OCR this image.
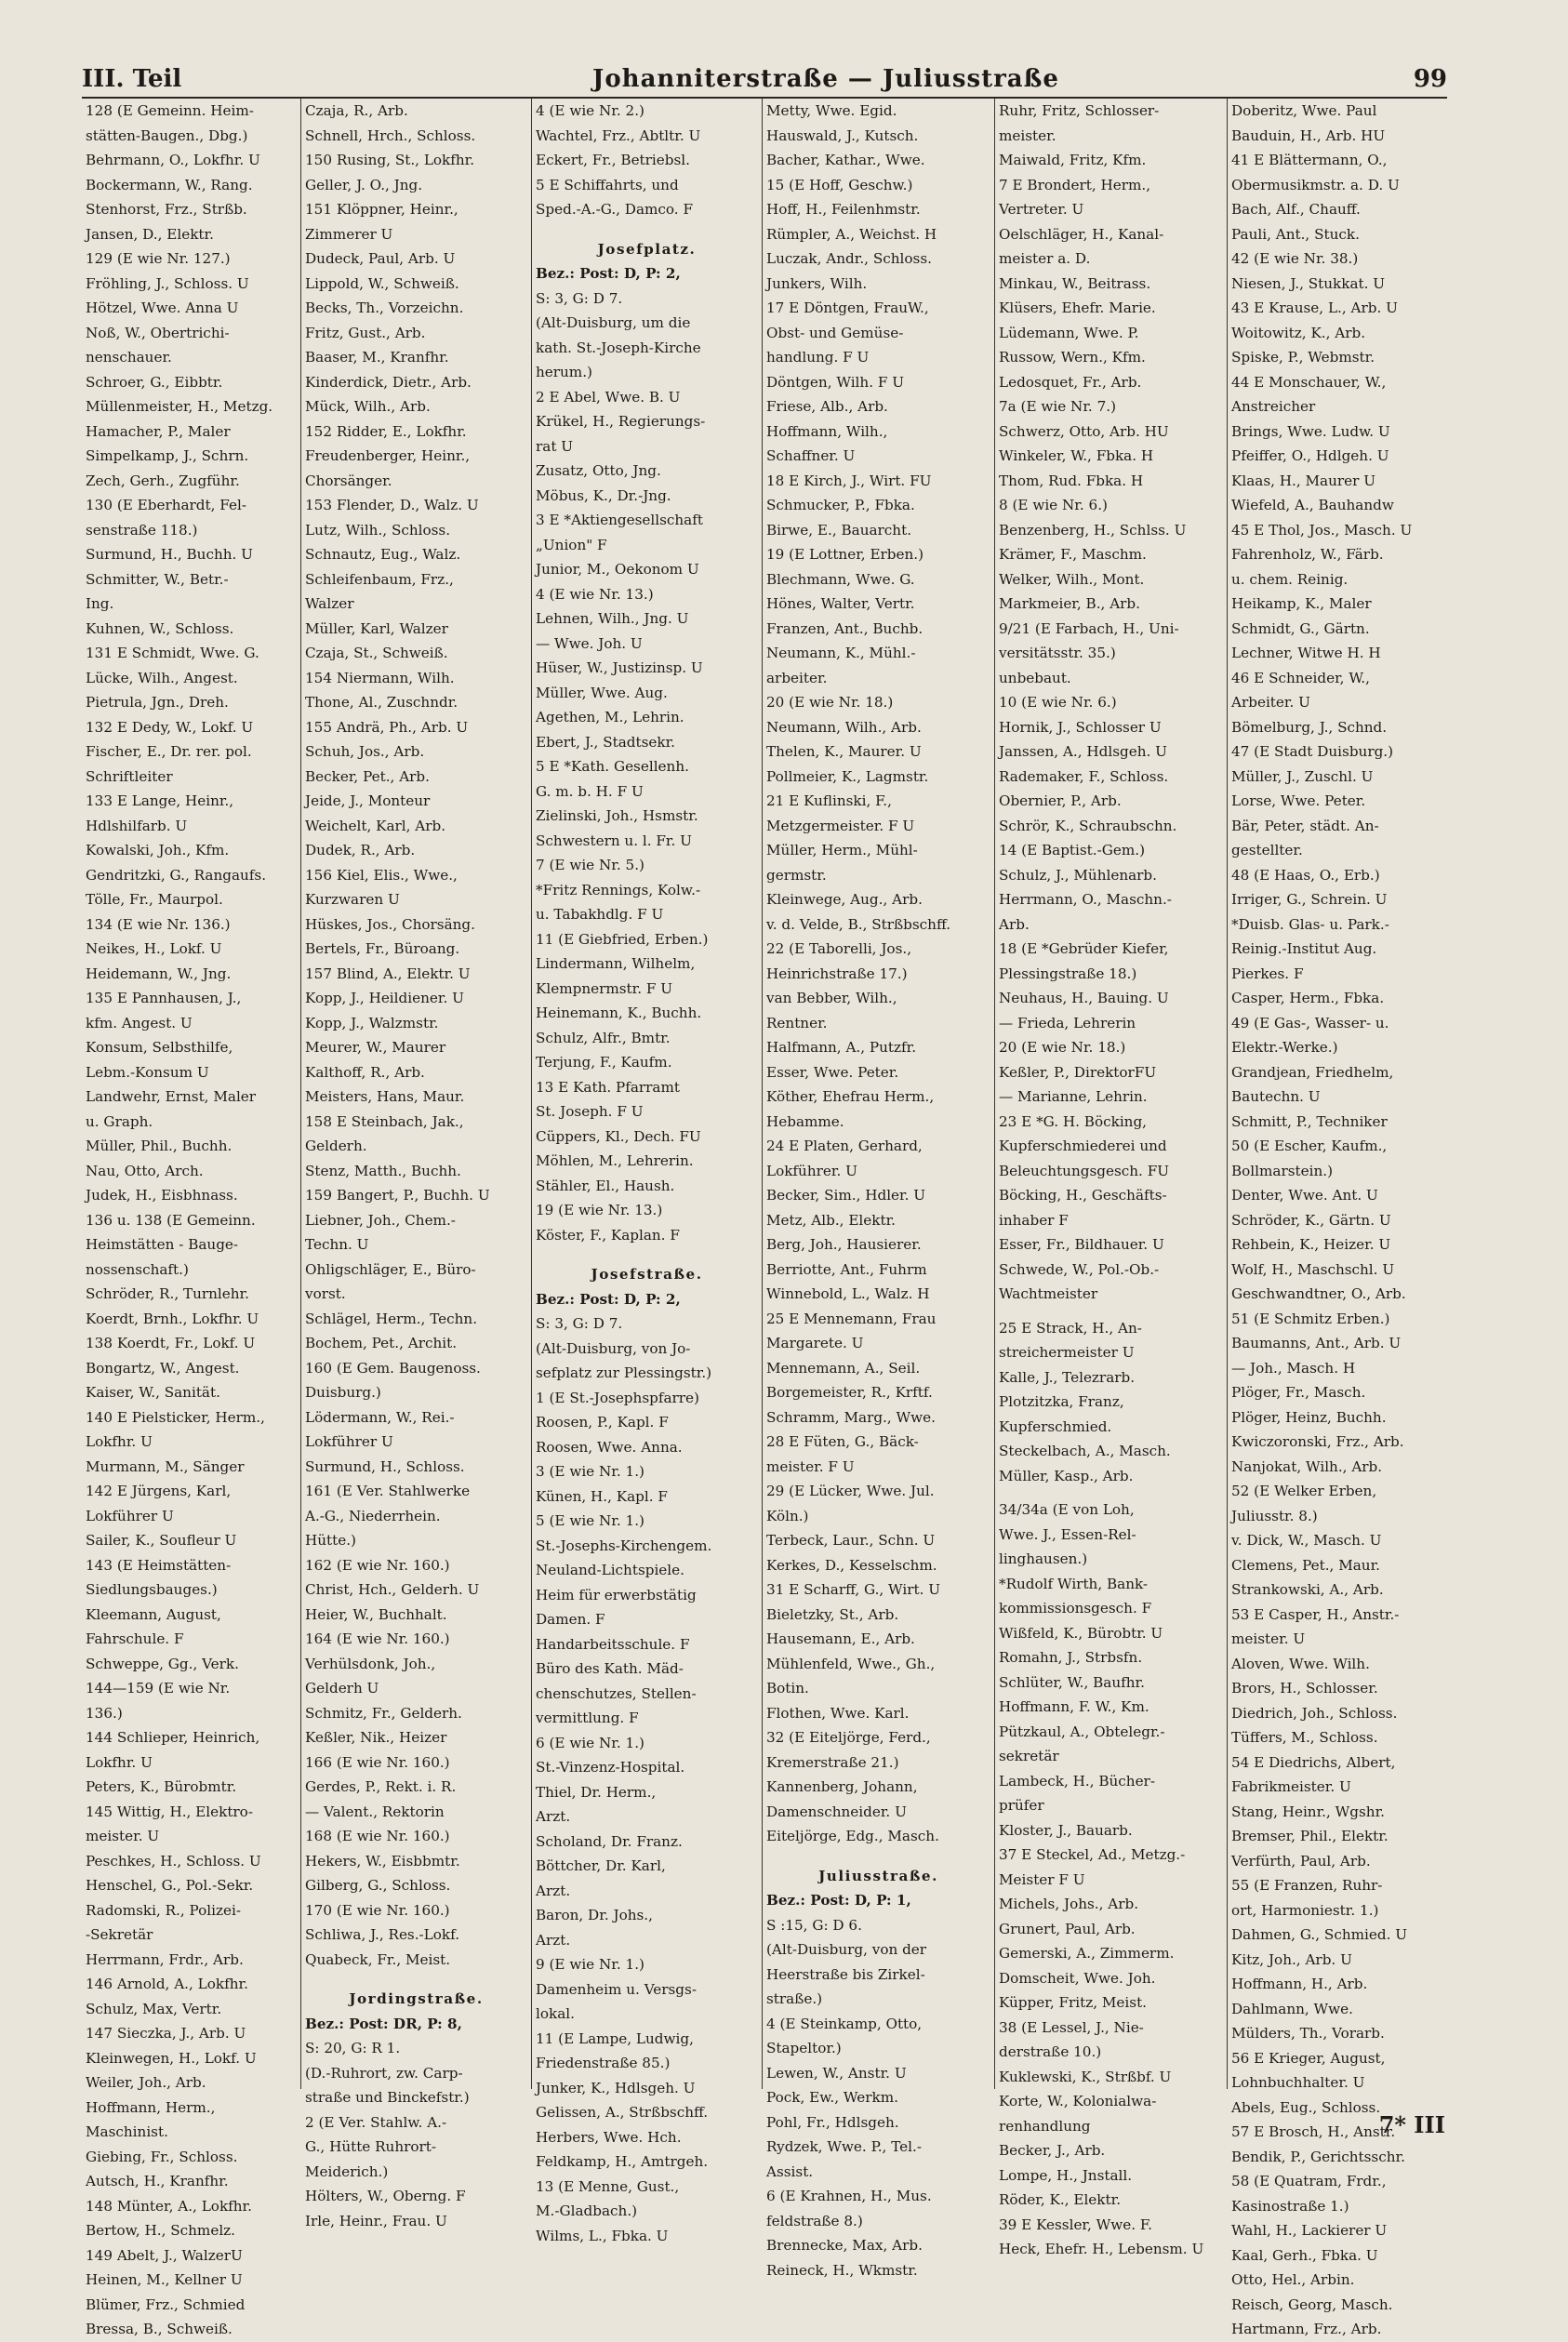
III. Teil	Johanniterstraße — Juliusstraße	99
128 (E Gemeinn. Heim-
stätten-Baugen., Dbg.)
Behrmann, O., Lokfhr. U
Bockermann, W., Rang.
Stenhorst, Frz., Strßb.
Jansen, D., Elektr.
129 (E wie Nr. 127.)
Fröhling, J., Schloss. U
Hötzel, Wwe. Anna U
Noß, W., Obertrichi-
nenschauer.
Schroer, G., Eibbtr.
Müllenmeister, H., Metzg.
Hamacher, P., Maler
Simpelkamp, J., Schrn.
Zech, Gerh., Zugführ.
130 (E Eberhardt, Fel-
senstraße 118.)
Surmund, H., Buchh. U
Schmitter, W., Betr.-
Ing.
Kuhnen, W., Schloss.
131 E Schmidt, Wwe. G.
Lücke, Wilh., Angest.
Pietrula, Jgn., Dreh.
132 E Dedy, W., Lokf. U
Fischer, E., Dr. rer. pol.
Schriftleiter
133 E Lange, Heinr.,
Hdlshilfarb. U
Kowalski, Joh., Kfm.
Gendritzki, G., Rangaufs.
Tölle, Fr., Maurpol.
134 (E wie Nr. 136.)
Neikes, H., Lokf. U
Heidemann, W., Jng.
135 E Pannhausen, J.,
kfm. Angest. U
Konsum, Selbsthilfe,
Lebm.-Konsum U
Landwehr, Ernst, Maler
u. Graph.
Müller, Phil., Buchh.
Nau, Otto, Arch.
Judek, H., Eisbhnass.
136 u. 138 (E Gemeinn.
Heimstätten - Bauge-
nossenschaft.)
Schröder, R., Turnlehr.
Koerdt, Brnh., Lokfhr. U
138 Koerdt, Fr., Lokf. U
Bongartz, W., Angest.
Kaiser, W., Sanität.
140 E Pielsticker, Herm.,
Lokfhr. U
Murmann, M., Sänger
142 E Jürgens, Karl,
Lokführer U
Sailer, K., Soufleur U
143 (E Heimstätten-
Siedlungsbauges.)
Kleemann, August,
Fahrschule. F
Schweppe, Gg., Verk.
144—159 (E wie Nr.
136.)
144 Schlieper, Heinrich,
Lokfhr. U
Peters, K., Bürobmtr.
145 Wittig, H., Elektro-
meister. U
Peschkes, H., Schloss. U
Henschel, G., Pol.-Sekr.
Radomski, R., Polizei-
-Sekretär
Herrmann, Frdr., Arb.
146 Arnold, A., Lokfhr.
Schulz, Max, Vertr.
147 Sieczka, J., Arb. U
Kleinwegen, H., Lokf. U
Weiler, Joh., Arb.
Hoffmann, Herm.,
Maschinist.
Giebing, Fr., Schloss.
Autsch, H., Kranfhr.
148 Münter, A., Lokfhr.
Bertow, H., Schmelz.
149 Abelt, J., WalzerU
Heinen, M., Kellner U
Blümer, Frz., Schmied
Bressa, B., Schweiß.
Czaja, R., Arb.
Schnell, Hrch., Schloss.
150 Rusing, St., Lokfhr.
Geller, J. O., Jng.
151 Klöppner, Heinr.,
Zimmerer U
Dudeck, Paul, Arb. U
Lippold, W., Schweiß.
Becks, Th., Vorzeichn.
Fritz, Gust., Arb.
Baaser, M., Kranfhr.
Kinderdick, Dietr., Arb.
Mück, Wilh., Arb.
152 Ridder, E., Lokfhr.
Freudenberger, Heinr.,
Chorsänger.
153 Flender, D., Walz. U
Lutz, Wilh., Schloss.
Schnautz, Eug., Walz.
Schleifenbaum, Frz.,
Walzer
Müller, Karl, Walzer
Czaja, St., Schweiß.
154 Niermann, Wilh.
Thone, Al., Zuschndr.
155 Andrä, Ph., Arb. U
Schuh, Jos., Arb.
Becker, Pet., Arb.
Jeide, J., Monteur
Weichelt, Karl, Arb.
Dudek, R., Arb.
156 Kiel, Elis., Wwe.,
Kurzwaren U
Hüskes, Jos., Chorsäng.
Bertels, Fr., Büroang.
157 Blind, A., Elektr. U
Kopp, J., Heildiener. U
Kopp, J., Walzmstr.
Meurer, W., Maurer
Kalthoff, R., Arb.
Meisters, Hans, Maur.
158 E Steinbach, Jak.,
Gelderh.
Stenz, Matth., Buchh.
159 Bangert, P., Buchh. U
Liebner, Joh., Chem.-
Techn. U
Ohligschläger, E., Büro-
vorst.
Schlägel, Herm., Techn.
Bochem, Pet., Archit.
160 (E Gem. Baugenoss.
Duisburg.)
Lödermann, W., Rei.-
Lokführer U
Surmund, H., Schloss.
161 (E Ver. Stahlwerke
A.-G., Niederrhein.
Hütte.)
162 (E wie Nr. 160.)
Christ, Hch., Gelderh. U
Heier, W., Buchhalt.
164 (E wie Nr. 160.)
Verhülsdonk, Joh.,
Gelderh U
Schmitz, Fr., Gelderh.
Keßler, Nik., Heizer
166 (E wie Nr. 160.)
Gerdes, P., Rekt. i. R.
— Valent., Rektorin
168 (E wie Nr. 160.)
Hekers, W., Eisbbmtr.
Gilberg, G., Schloss.
170 (E wie Nr. 160.)
Schliwa, J., Res.-Lokf.
Quabeck, Fr., Meist.

Jordingstraße.
Bez.: Post: DR, P: 8,
S: 20, G: R 1.
(D.-Ruhrort, zw. Carp-
straße und Binckefstr.)
2 (E Ver. Stahlw. A.-
G., Hütte Ruhrort-
Meiderich.)
Hölters, W., Oberng. F
Irle, Heinr., Frau. U
4 (E wie Nr. 2.)
Wachtel, Frz., Abtltr. U
Eckert, Fr., Betriebsl.
5 E Schiffahrts, und
Sped.-A.-G., Damco. F

Josefplatz.
Bez.: Post: D, P: 2,
S: 3, G: D 7.
(Alt-Duisburg, um die
kath. St.-Joseph-Kirche
herum.)
2 E Abel, Wwe. B. U
Krükel, H., Regierungs-
rat U
Zusatz, Otto, Jng.
Möbus, K., Dr.-Jng.
3 E *Aktiengesellschaft
„Union" F
Junior, M., Oekonom U
4 (E wie Nr. 13.)
Lehnen, Wilh., Jng. U
— Wwe. Joh. U
Hüser, W., Justizinsp. U
Müller, Wwe. Aug.
Agethen, M., Lehrin.
Ebert, J., Stadtsekr.
5 E *Kath. Gesellenh.
G. m. b. H. F U
Zielinski, Joh., Hsmstr.
Schwestern u. l. Fr. U
7 (E wie Nr. 5.)
*Fritz Rennings, Kolw.-
u. Tabakhdlg. F U
11 (E Giebfried, Erben.)
Lindermann, Wilhelm,
Klempnermstr. F U
Heinemann, K., Buchh.
Schulz, Alfr., Bmtr.
Terjung, F., Kaufm.
13 E Kath. Pfarramt
St. Joseph. F U
Cüppers, Kl., Dech. FU
Möhlen, M., Lehrerin.
Stähler, El., Haush.
19 (E wie Nr. 13.)
Köster, F., Kaplan. F

Josefstraße.
Bez.: Post: D, P: 2,
S: 3, G: D 7.
(Alt-Duisburg, von Jo-
sefplatz zur Plessingstr.)
1 (E St.-Josephspfarre)
Roosen, P., Kapl. F
Roosen, Wwe. Anna.
3 (E wie Nr. 1.)
Künen, H., Kapl. F
5 (E wie Nr. 1.)
St.-Josephs-Kirchengem.
Neuland-Lichtspiele.
Heim für erwerbstätig
Damen. F
Handarbeitsschule. F
Büro des Kath. Mäd-
chenschutzes, Stellen-
vermittlung. F
6 (E wie Nr. 1.)
St.-Vinzenz-Hospital.
Thiel, Dr. Herm.,
Arzt.
Scholand, Dr. Franz.
Böttcher, Dr. Karl,
Arzt.
Baron, Dr. Johs.,
Arzt.
9 (E wie Nr. 1.)
Damenheim u. Versgs-
lokal.
11 (E Lampe, Ludwig,
Friedenstraße 85.)
Junker, K., Hdlsgeh. U
Gelissen, A., Strßbschff.
Herbers, Wwe. Hch.
Feldkamp, H., Amtrgeh.
13 (E Menne, Gust.,
M.-Gladbach.)
Wilms, L., Fbka. U
Metty, Wwe. Egid.
Hauswald, J., Kutsch.
Bacher, Kathar., Wwe.
15 (E Hoff, Geschw.)
Hoff, H., Feilenhmstr.
Rümpler, A., Weichst. H
Luczak, Andr., Schloss.
Junkers, Wilh.
17 E Döntgen, FrauW.,
Obst- und Gemüse-
handlung. F U
Döntgen, Wilh. F U
Friese, Alb., Arb.
Hoffmann, Wilh.,
Schaffner. U
18 E Kirch, J., Wirt. FU
Schmucker, P., Fbka.
Birwe, E., Bauarcht.
19 (E Lottner, Erben.)
Blechmann, Wwe. G.
Hönes, Walter, Vertr.
Franzen, Ant., Buchb.
Neumann, K., Mühl.-
arbeiter.
20 (E wie Nr. 18.)
Neumann, Wilh., Arb.
Thelen, K., Maurer. U
Pollmeier, K., Lagmstr.
21 E Kuflinski, F.,
Metzgermeister. F U
Müller, Herm., Mühl-
germstr.
Kleinwege, Aug., Arb.
v. d. Velde, B., Strßbschff.
22 (E Taborelli, Jos.,
Heinrichstraße 17.)
van Bebber, Wilh.,
Rentner.
Halfmann, A., Putzfr.
Esser, Wwe. Peter.
Köther, Ehefrau Herm.,
Hebamme.
24 E Platen, Gerhard,
Lokführer. U
Becker, Sim., Hdler. U
Metz, Alb., Elektr.
Berg, Joh., Hausierer.
Berriotte, Ant., Fuhrm
Winnebold, L., Walz. H
25 E Mennemann, Frau
Margarete. U
Mennemann, A., Seil.
Borgemeister, R., Krftf.
Schramm, Marg., Wwe.
28 E Füten, G., Bäck-
meister. F U
29 (E Lücker, Wwe. Jul.
Köln.)
Terbeck, Laur., Schn. U
Kerkes, D., Kesselschm.
31 E Scharff, G., Wirt. U
Bieletzky, St., Arb.
Hausemann, E., Arb.
Mühlenfeld, Wwe., Gh.,
Botin.
Flothen, Wwe. Karl.
32 (E Eiteljörge, Ferd.,
Kremerstraße 21.)
Kannenberg, Johann,
Damenschneider. U
Eiteljörge, Edg., Masch.

Juliusstraße.
Bez.: Post: D, P: 1,
S :15, G: D 6.
(Alt-Duisburg, von der
Heerstraße bis Zirkel-
straße.)
4 (E Steinkamp, Otto,
Stapeltor.)
Lewen, W., Anstr. U
Pock, Ew., Werkm.
Pohl, Fr., Hdlsgeh.
Rydzek, Wwe. P., Tel.-
Assist.
6 (E Krahnen, H., Mus.
feldstraße 8.)
Brennecke, Max, Arb.
Reineck, H., Wkmstr.
Ruhr, Fritz, Schlosser-
meister.
Maiwald, Fritz, Kfm.
7 E Brondert, Herm.,
Vertreter. U
Oelschläger, H., Kanal-
meister a. D.
Minkau, W., Beitrass.
Klüsers, Ehefr. Marie.
Lüdemann, Wwe. P.
Russow, Wern., Kfm.
Ledosquet, Fr., Arb.
7a (E wie Nr. 7.)
Schwerz, Otto, Arb. HU
Winkeler, W., Fbka. H
Thom, Rud. Fbka. H
8 (E wie Nr. 6.)
Benzenberg, H., Schlss. U
Krämer, F., Maschm.
Welker, Wilh., Mont.
Markmeier, B., Arb.
9/21 (E Farbach, H., Uni-
versitätsstr. 35.)
unbebaut.
10 (E wie Nr. 6.)
Hornik, J., Schlosser U
Janssen, A., Hdlsgeh. U
Rademaker, F., Schloss.
Obernier, P., Arb.
Schrör, K., Schraubschn.
14 (E Baptist.-Gem.)
Schulz, J., Mühlenarb.
Herrmann, O., Maschn.-
Arb.
18 (E *Gebrüder Kiefer,
Plessingstraße 18.)
Neuhaus, H., Bauing. U
— Frieda, Lehrerin
20 (E wie Nr. 18.)
Keßler, P., DirektorFU
— Marianne, Lehrin.
23 E *G. H. Böcking,
Kupferschmiederei und
Beleuchtungsgesch. FU
Böcking, H., Geschäfts-
inhaber F
Esser, Fr., Bildhauer. U
Schwede, W., Pol.-Ob.-
Wachtmeister

25 E Strack, H., An-
streichermeister U
Kalle, J., Telezrarb.
Plotzitzka, Franz,
Kupferschmied.
Steckelbach, A., Masch.
Müller, Kasp., Arb.

34/34a (E von Loh,
Wwe. J., Essen-Rel-
linghausen.)
*Rudolf Wirth, Bank-
kommissionsgesch. F
Wißfeld, K., Bürobtr. U
Romahn, J., Strbsfn.
Schlüter, W., Baufhr.
Hoffmann, F. W., Km.
Pützkaul, A., Obtelegr.-
sekretär
Lambeck, H., Bücher-
prüfer
Kloster, J., Bauarb.
37 E Steckel, Ad., Metzg.-
Meister F U
Michels, Johs., Arb.
Grunert, Paul, Arb.
Gemerski, A., Zimmerm.
Domscheit, Wwe. Joh.
Küpper, Fritz, Meist.
38 (E Lessel, J., Nie-
derstraße 10.)
Kuklewski, K., Strßbf. U
Korte, W., Kolonialwa-
renhandlung
Becker, J., Arb.
Lompe, H., Jnstall.
Röder, K., Elektr.
39 E Kessler, Wwe. F.
Heck, Ehefr. H., Lebensm. U
Doberitz, Wwe. Paul
Bauduin, H., Arb. HU
41 E Blättermann, O.,
Obermusikmstr. a. D. U
Bach, Alf., Chauff.
Pauli, Ant., Stuck.
42 (E wie Nr. 38.)
Niesen, J., Stukkat. U
43 E Krause, L., Arb. U
Woitowitz, K., Arb.
Spiske, P., Webmstr.
44 E Monschauer, W.,
Anstreicher
Brings, Wwe. Ludw. U
Pfeiffer, O., Hdlgeh. U
Klaas, H., Maurer U
Wiefeld, A., Bauhandw
45 E Thol, Jos., Masch. U
Fahrenholz, W., Färb.
u. chem. Reinig.
Heikamp, K., Maler
Schmidt, G., Gärtn.
Lechner, Witwe H. H
46 E Schneider, W.,
Arbeiter. U
Bömelburg, J., Schnd.
47 (E Stadt Duisburg.)
Müller, J., Zuschl. U
Lorse, Wwe. Peter.
Bär, Peter, städt. An-
gestellter.
48 (E Haas, O., Erb.)
Irriger, G., Schrein. U
*Duisb. Glas- u. Park.-
Reinig.-Institut Aug.
Pierkes. F
Casper, Herm., Fbka.
49 (E Gas-, Wasser- u.
Elektr.-Werke.)
Grandjean, Friedhelm,
Bautechn. U
Schmitt, P., Techniker
50 (E Escher, Kaufm.,
Bollmarstein.)
Denter, Wwe. Ant. U
Schröder, K., Gärtn. U
Rehbein, K., Heizer. U
Wolf, H., Maschschl. U
Geschwandtner, O., Arb.
51 (E Schmitz Erben.)
Baumanns, Ant., Arb. U
— Joh., Masch. H
Plöger, Fr., Masch.
Plöger, Heinz, Buchh.
Kwiczoronski, Frz., Arb.
Nanjokat, Wilh., Arb.
52 (E Welker Erben,
Juliusstr. 8.)
v. Dick, W., Masch. U
Clemens, Pet., Maur.
Strankowski, A., Arb.
53 E Casper, H., Anstr.-
meister. U
Aloven, Wwe. Wilh.
Brors, H., Schlosser.
Diedrich, Joh., Schloss.
Tüffers, M., Schloss.
54 E Diedrichs, Albert,
Fabrikmeister. U
Stang, Heinr., Wgshr.
Bremser, Phil., Elektr.
Verfürth, Paul, Arb.
55 (E Franzen, Ruhr-
ort, Harmoniestr. 1.)
Dahmen, G., Schmied. U
Kitz, Joh., Arb. U
Hoffmann, H., Arb.
Dahlmann, Wwe.
Mülders, Th., Vorarb.
56 E Krieger, August,
Lohnbuchhalter. U
Abels, Eug., Schloss.
57 E Brosch, H., Anstr.
Bendik, P., Gerichtsschr.
58 (E Quatram, Frdr.,
Kasinostraße 1.)
Wahl, H., Lackierer U
Kaal, Gerh., Fbka. U
Otto, Hel., Arbin.
Reisch, Georg, Masch.
Hartmann, Frz., Arb.
7* III
